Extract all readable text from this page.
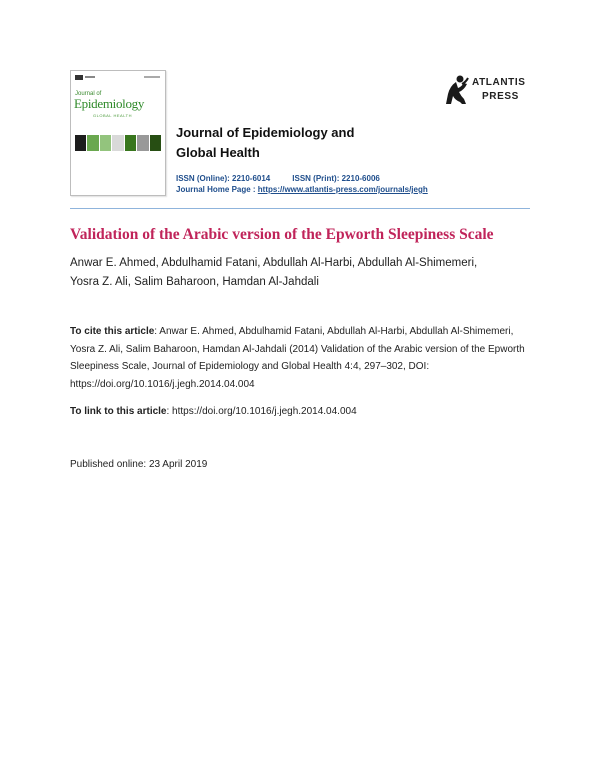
Journal of
Epidemiology
GLOBAL HEALTH
ATLANTIS
PRESS
Journal of Epidemiology and
Global Health
ISSN (Online): 2210-6014	ISSN (Print): 2210-6006
Journal Home Page : https://www.atlantis-press.com/journals/jegh
Validation of the Arabic version of the Epworth Sleepiness Scale
Anwar E. Ahmed, Abdulhamid Fatani, Abdullah Al-Harbi, Abdullah Al-Shimemeri,
Yosra Z. Ali, Salim Baharoon, Hamdan Al-Jahdali
To cite this article: Anwar E. Ahmed, Abdulhamid Fatani, Abdullah Al-Harbi, Abdullah Al-Shimemeri, Yosra Z. Ali, Salim Baharoon, Hamdan Al-Jahdali (2014) Validation of the Arabic version of the Epworth Sleepiness Scale, Journal of Epidemiology and Global Health 4:4, 297–302, DOI: https://doi.org/10.1016/j.jegh.2014.04.004
To link to this article: https://doi.org/10.1016/j.jegh.2014.04.004
Published online: 23 April 2019
